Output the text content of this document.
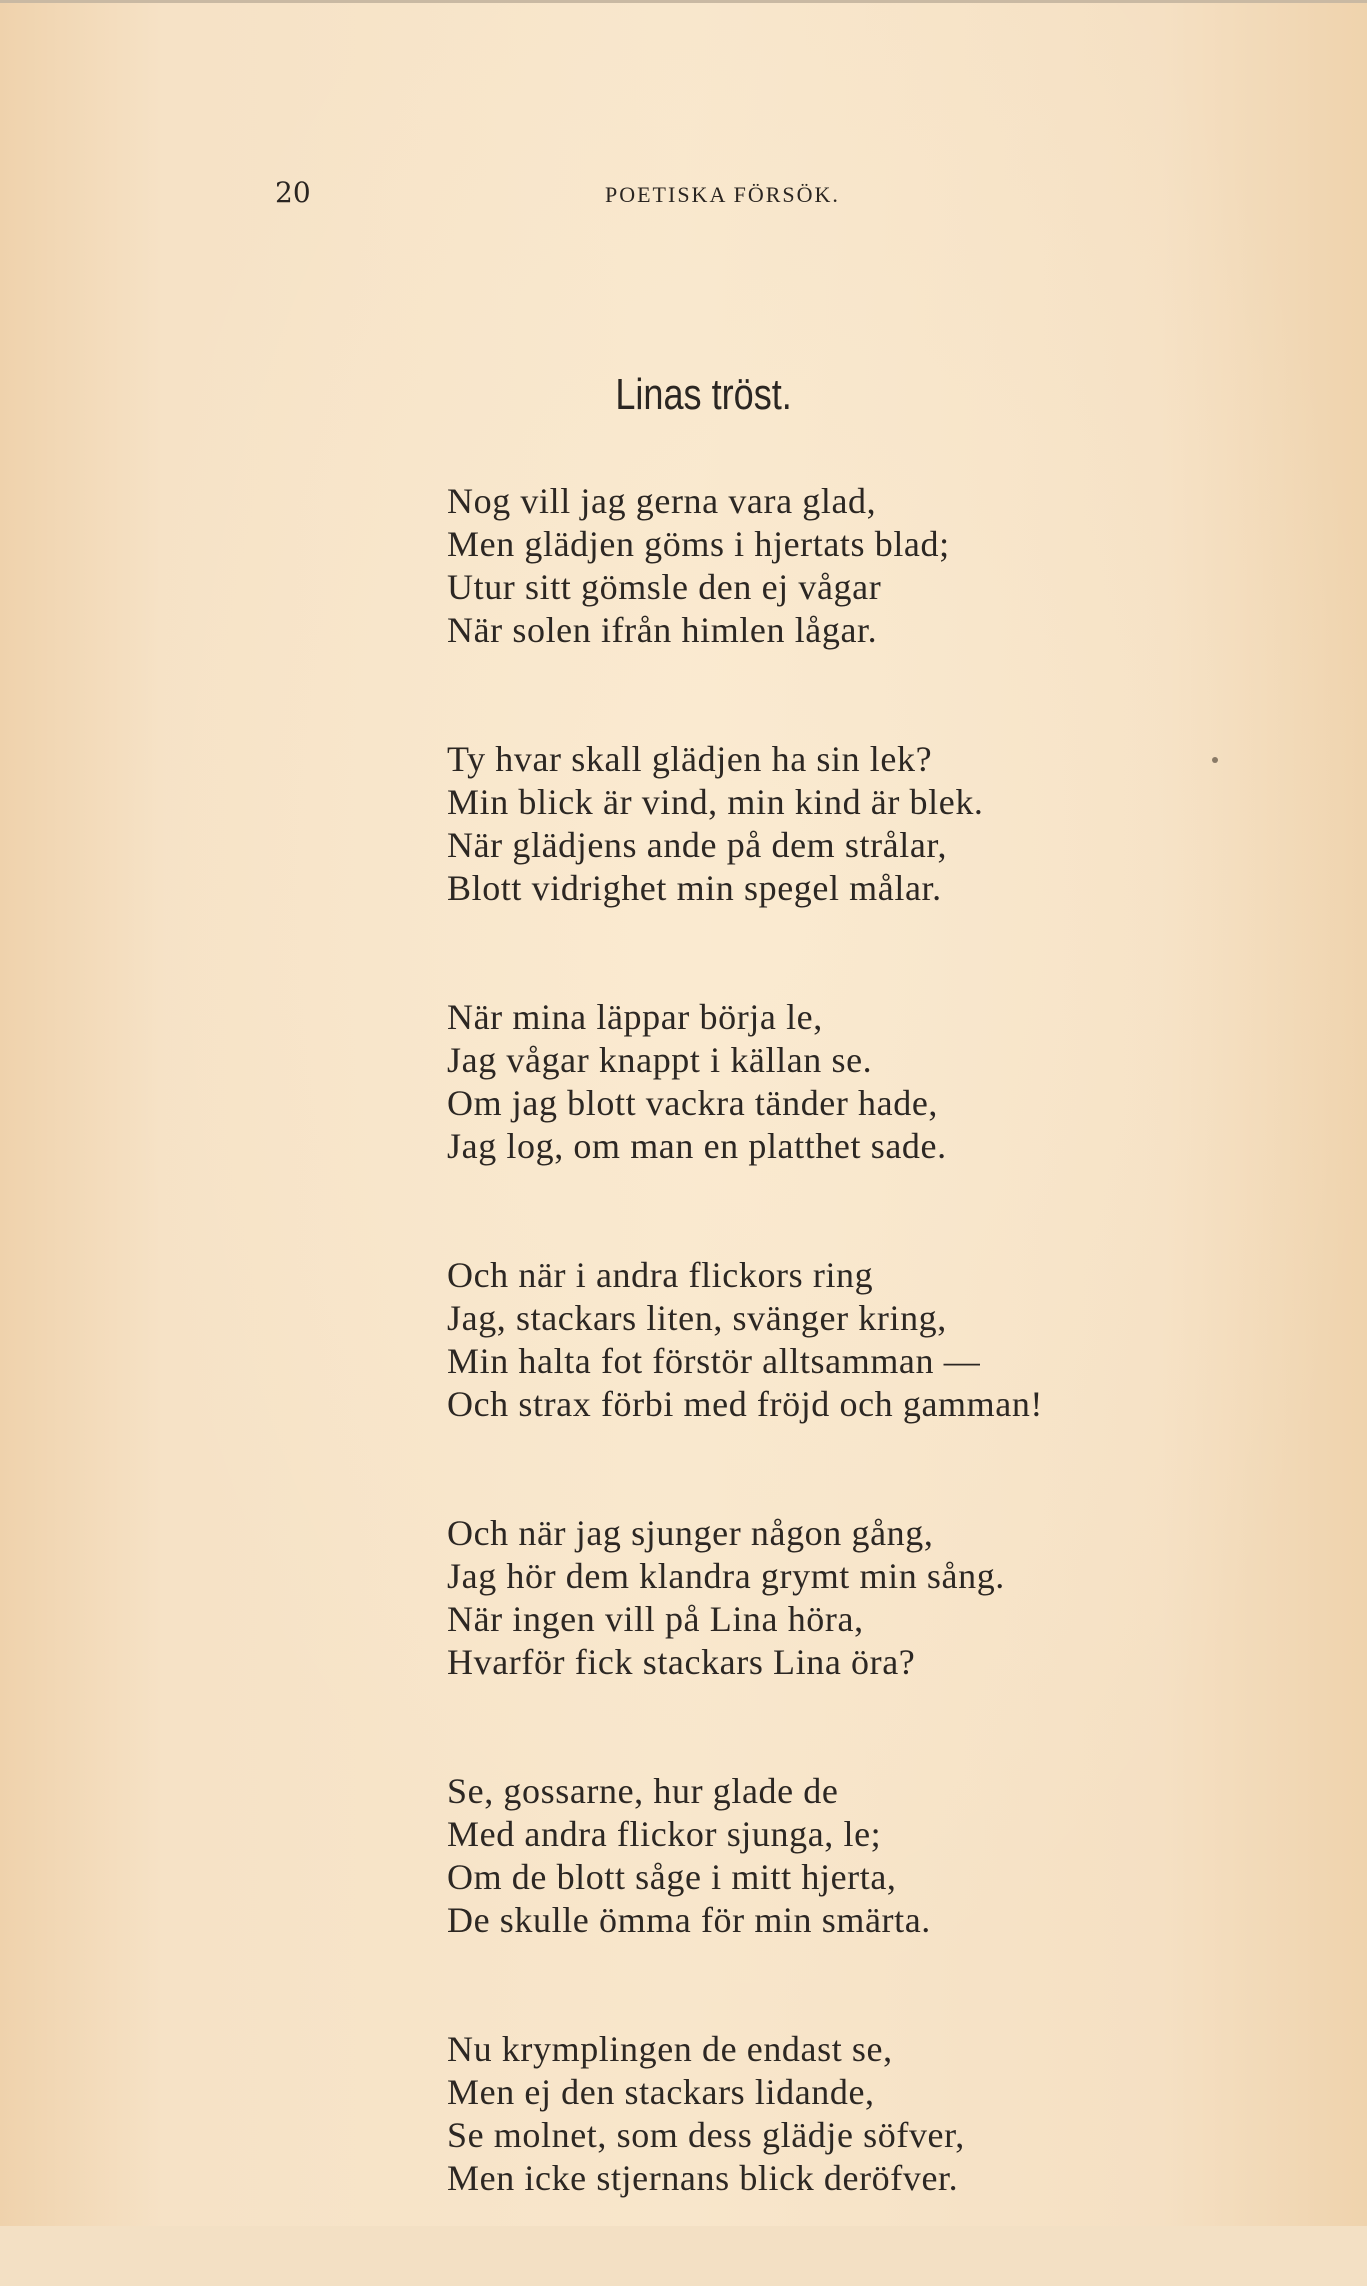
20	POETISKA FÖRSÖK.
Linas tröst.
Nog vill jag gerna vara glad,
Men glädjen göms i hjertats blad;
Utur sitt gömsle den ej vågar
När solen ifrån himlen lågar.
Ty hvar skall glädjen ha sin lek?
Min blick är vind, min kind är blek.
När glädjens ande på dem strålar,
Blott vidrighet min spegel målar.
När mina läppar börja le,
Jag vågar knappt i källan se.
Om jag blott vackra tänder hade,
Jag log, om man en platthet sade.
Och när i andra flickors ring
Jag, stackars liten, svänger kring,
Min halta fot förstör alltsamman —
Och strax förbi med fröjd och gamman!
Och när jag sjunger någon gång,
Jag hör dem klandra grymt min sång.
När ingen vill på Lina höra,
Hvarför fick stackars Lina öra?
Se, gossarne, hur glade de
Med andra flickor sjunga, le;
Om de blott såge i mitt hjerta,
De skulle ömma för min smärta.
Nu krymplingen de endast se,
Men ej den stackars lidande,
Se molnet, som dess glädje söfver,
Men icke stjernans blick deröfver.
